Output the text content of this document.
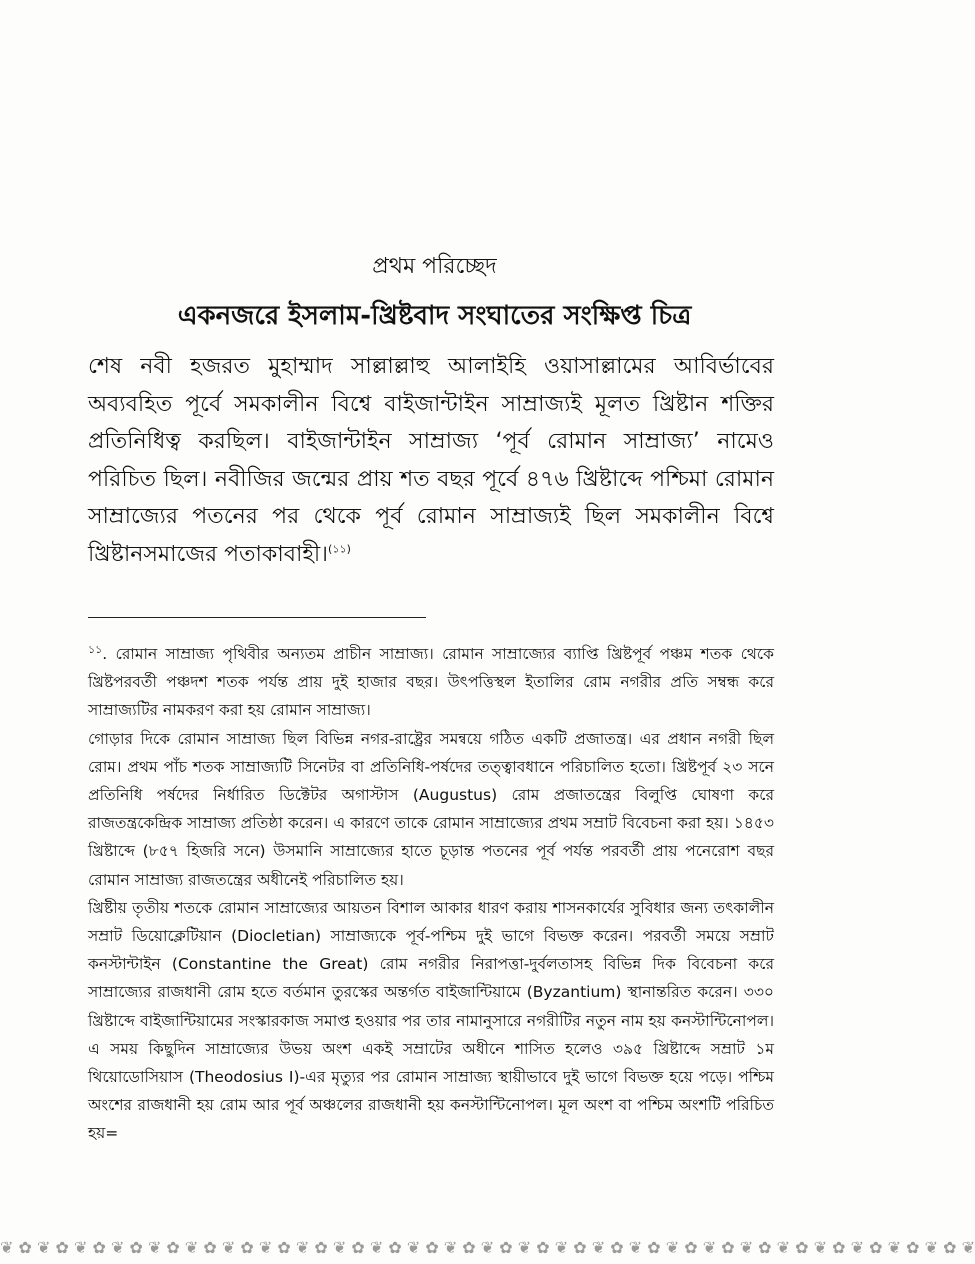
প্রথম পরিচ্ছেদ
একনজরে ইসলাম-খ্রিষ্টবাদ সংঘাতের সংক্ষিপ্ত চিত্র

শেষ নবী হজরত মুহাম্মাদ সাল্লাল্লাহু আলাইহি ওয়াসাল্লামের আবির্ভাবের অব্যবহিত পূর্বে সমকালীন বিশ্বে বাইজান্টাইন সাম্রাজ্যই মূলত খ্রিষ্টান শক্তির প্রতিনিধিত্ব করছিল। বাইজান্টাইন সাম্রাজ্য ‘পূর্ব রোমান সাম্রাজ্য’ নামেও পরিচিত ছিল। নবীজির জন্মের প্রায় শত বছর পূর্বে ৪৭৬ খ্রিষ্টাব্দে পশ্চিমা রোমান সাম্রাজ্যের পতনের পর থেকে পূর্ব রোমান সাম্রাজ্যই ছিল সমকালীন বিশ্বে খ্রিষ্টানসমাজের পতাকাবাহী।$^{(১১)}$

$^{১১}$. রোমান সাম্রাজ্য পৃথিবীর অন্যতম প্রাচীন সাম্রাজ্য। রোমান সাম্রাজ্যের ব্যাপ্তি খ্রিষ্টপূর্ব পঞ্চম শতক থেকে খ্রিষ্টপরবর্তী পঞ্চদশ শতক পর্যন্ত প্রায় দুই হাজার বছর। উৎপত্তিস্থল ইতালির রোম নগরীর প্রতি সম্বন্ধ করে সাম্রাজ্যটির নামকরণ করা হয় রোমান সাম্রাজ্য।

গোড়ার দিকে রোমান সাম্রাজ্য ছিল বিভিন্ন নগর-রাষ্ট্রের সমন্বয়ে গঠিত একটি প্রজাতন্ত্র। এর প্রধান নগরী ছিল রোম। প্রথম পাঁচ শতক সাম্রাজ্যটি সিনেটর বা প্রতিনিধি-পর্ষদের তত্ত্বাবধানে পরিচালিত হতো। খ্রিষ্টপূর্ব ২৩ সনে প্রতিনিধি পর্ষদের নির্ধারিত ডিক্টেটর অগাস্টাস (Augustus) রোম প্রজাতন্ত্রের বিলুপ্তি ঘোষণা করে রাজতন্ত্রকেন্দ্রিক সাম্রাজ্য প্রতিষ্ঠা করেন। এ কারণে তাকে রোমান সাম্রাজ্যের প্রথম সম্রাট বিবেচনা করা হয়। ১৪৫৩ খ্রিষ্টাব্দে (৮৫৭ হিজরি সনে) উসমানি সাম্রাজ্যের হাতে চূড়ান্ত পতনের পূর্ব পর্যন্ত পরবর্তী প্রায় পনেরোশ বছর রোমান সাম্রাজ্য রাজতন্ত্রের অধীনেই পরিচালিত হয়।

খ্রিষ্টীয় তৃতীয় শতকে রোমান সাম্রাজ্যের আয়তন বিশাল আকার ধারণ করায় শাসনকার্যের সুবিধার জন্য তৎকালীন সম্রাট ডিয়োক্লেটিয়ান (Diocletian) সাম্রাজ্যকে পূর্ব-পশ্চিম দুই ভাগে বিভক্ত করেন। পরবর্তী সময়ে সম্রাট কনস্টান্টাইন (Constantine the Great) রোম নগরীর নিরাপত্তা-দুর্বলতাসহ বিভিন্ন দিক বিবেচনা করে সাম্রাজ্যের রাজধানী রোম হতে বর্তমান তুরস্কের অন্তর্গত বাইজান্টিয়ামে (Byzantium) স্থানান্তরিত করেন। ৩৩০ খ্রিষ্টাব্দে বাইজান্টিয়ামের সংস্কারকাজ সমাপ্ত হওয়ার পর তার নামানুসারে নগরীটির নতুন নাম হয় কনস্টান্টিনোপল। এ সময় কিছুদিন সাম্রাজ্যের উভয় অংশ একই সম্রাটের অধীনে শাসিত হলেও ৩৯৫ খ্রিষ্টাব্দে সম্রাট ১ম থিয়োডোসিয়াস (Theodosius I)-এর মৃত্যুর পর রোমান সাম্রাজ্য স্থায়ীভাবে দুই ভাগে বিভক্ত হয়ে পড়ে। পশ্চিম অংশের রাজধানী হয় রোম আর পূর্ব অঞ্চলের রাজধানী হয় কনস্টান্টিনোপল। মূল অংশ বা পশ্চিম অংশটি পরিচিত হয়=

❦ ✿ ❦ ✿ ❦ ✿ ❦ ✿ ❦ ✿ ❦ ✿ ❦ ✿ ❦ ✿ ❦ ✿ ❦ ✿ ❦ ✿ ❦ ✿ ❦ ✿ ❦ ✿ ❦ ✿ ❦ ✿ ❦ ✿ ❦ ✿ ❦ ✿ ❦ ✿ ❦ ✿ ❦ ✿ ❦ ✿ ❦ ✿ ❦ ✿ ❦ ✿ ❦
